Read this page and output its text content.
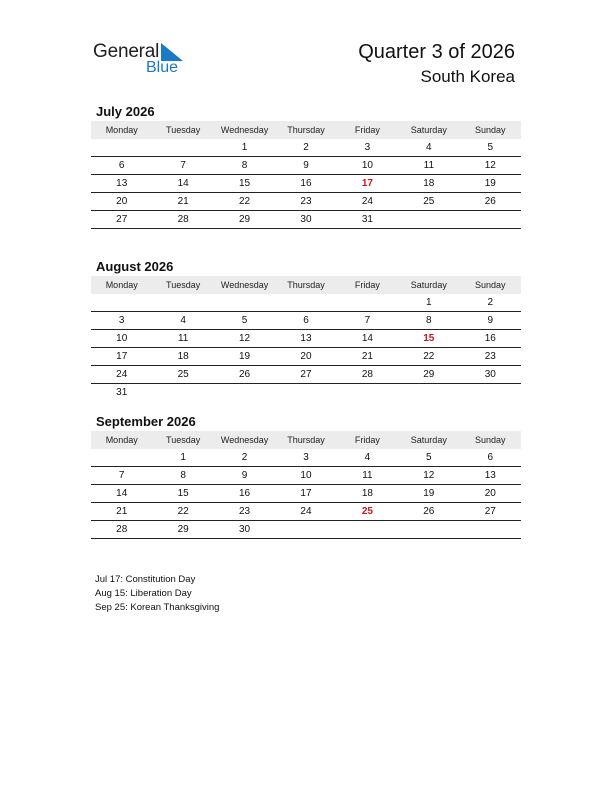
General
Blue
Quarter 3 of 2026
South Korea
July 2026
Monday	Tuesday	Wednesday	Thursday	Friday	Saturday	Sunday
		1	2	3	4	5
6	7	8	9	10	11	12
13	14	15	16	17	18	19
20	21	22	23	24	25	26
27	28	29	30	31		
August 2026
Monday	Tuesday	Wednesday	Thursday	Friday	Saturday	Sunday
					1	2
3	4	5	6	7	8	9
10	11	12	13	14	15	16
17	18	19	20	21	22	23
24	25	26	27	28	29	30
31						
September 2026
Monday	Tuesday	Wednesday	Thursday	Friday	Saturday	Sunday
	1	2	3	4	5	6
7	8	9	10	11	12	13
14	15	16	17	18	19	20
21	22	23	24	25	26	27
28	29	30				
Jul 17: Constitution Day
Aug 15: Liberation Day
Sep 25: Korean Thanksgiving
